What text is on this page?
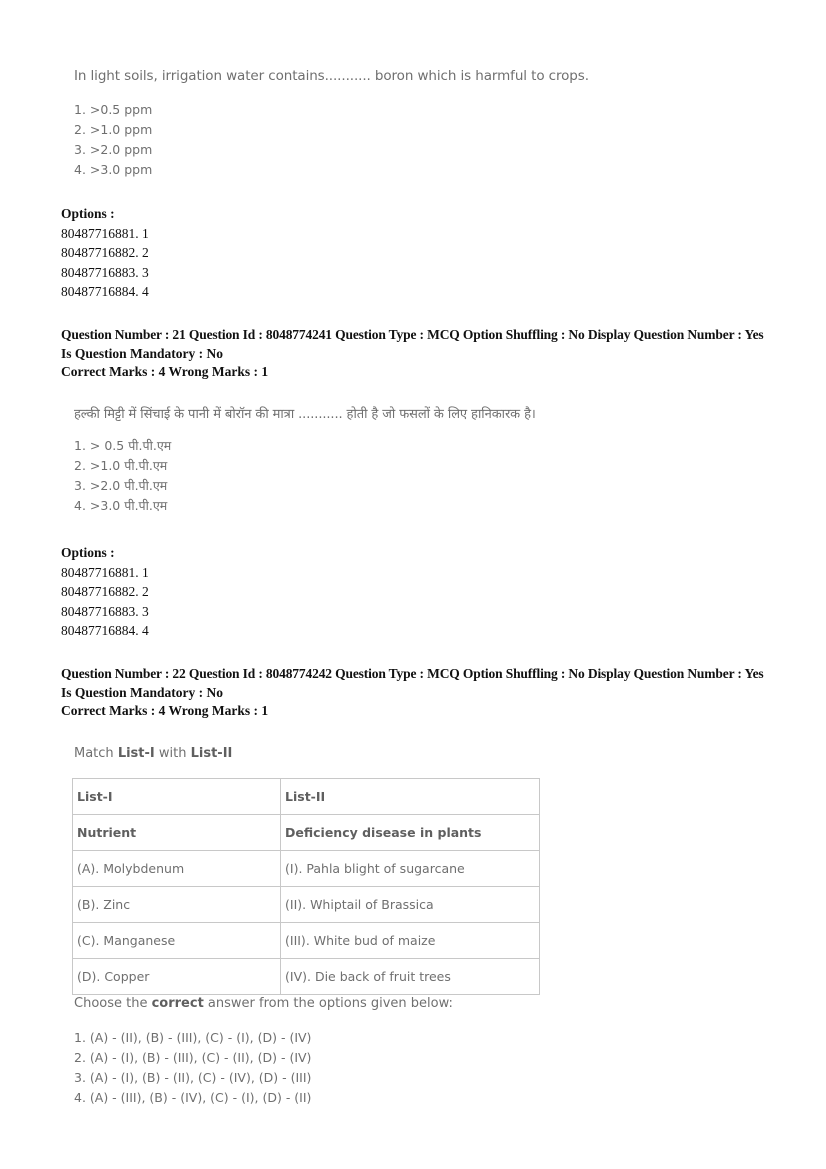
In light soils, irrigation water contains........... boron which is harmful to crops.
1. >0.5 ppm
2. >1.0 ppm
3. >2.0 ppm
4. >3.0 ppm
Options :
80487716881. 1
80487716882. 2
80487716883. 3
80487716884. 4
Question Number : 21 Question Id : 8048774241 Question Type : MCQ Option Shuffling : No Display Question Number : Yes
Is Question Mandatory : No
Correct Marks : 4 Wrong Marks : 1
हल्की मिट्टी में सिंचाई के पानी में बोरॉन की मात्रा ........... होती है जो फसलों के लिए हानिकारक है।
1. > 0.5 पी.पी.एम
2. >1.0 पी.पी.एम
3. >2.0 पी.पी.एम
4. >3.0 पी.पी.एम
Options :
80487716881. 1
80487716882. 2
80487716883. 3
80487716884. 4
Question Number : 22 Question Id : 8048774242 Question Type : MCQ Option Shuffling : No Display Question Number : Yes
Is Question Mandatory : No
Correct Marks : 4 Wrong Marks : 1
Match List-I with List-II
List-I	List-II
Nutrient	Deficiency disease in plants
(A). Molybdenum	(I). Pahla blight of sugarcane
(B). Zinc	(II). Whiptail of Brassica
(C). Manganese	(III). White bud of maize
(D). Copper	(IV). Die back of fruit trees
Choose the correct answer from the options given below:
1. (A) - (II), (B) - (III), (C) - (I), (D) - (IV)
2. (A) - (I), (B) - (III), (C) - (II), (D) - (IV)
3. (A) - (I), (B) - (II), (C) - (IV), (D) - (III)
4. (A) - (III), (B) - (IV), (C) - (I), (D) - (II)
